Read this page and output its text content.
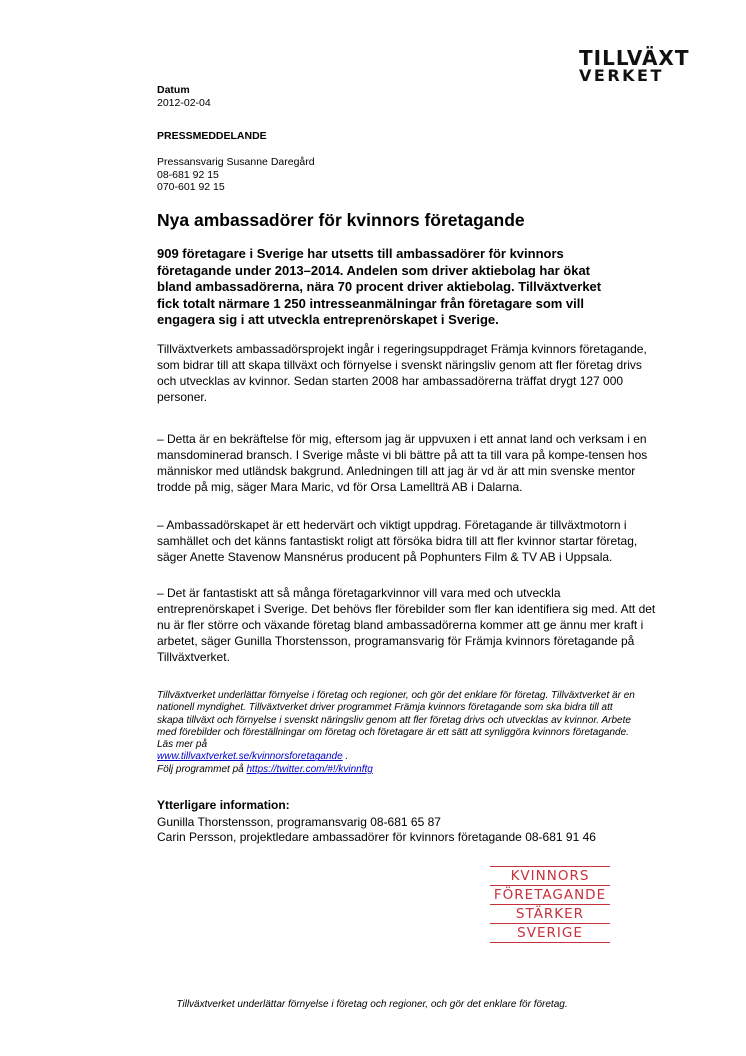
TILLVÄXT
VERKET
Datum
2012-02-04
PRESSMEDDELANDE
Pressansvarig Susanne Daregård
08-681 92 15
070-601 92 15
Nya ambassadörer för kvinnors företagande
909 företagare i Sverige har utsetts till ambassadörer för kvinnors företagande under 2013–2014. Andelen som driver aktiebolag har ökat bland ambassadörerna, nära 70 procent driver aktiebolag. Tillväxtverket fick totalt närmare 1 250 intresseanmälningar från företagare som vill engagera sig i att utveckla entreprenörskapet i Sverige.
Tillväxtverkets ambassadörsprojekt ingår i regeringsuppdraget Främja kvinnors företagande, som bidrar till att skapa tillväxt och förnyelse i svenskt näringsliv genom att fler företag drivs och utvecklas av kvinnor. Sedan starten 2008 har ambassadörerna träffat drygt 127 000 personer.
– Detta är en bekräftelse för mig, eftersom jag är uppvuxen i ett annat land och verksam i en mansdominerad bransch. I Sverige måste vi bli bättre på att ta till vara på kompe-tensen hos människor med utländsk bakgrund. Anledningen till att jag är vd är att min svenske mentor trodde på mig, säger Mara Maric, vd för Orsa Lamellträ AB i Dalarna.
– Ambassadörskapet är ett hedervärt och viktigt uppdrag. Företagande är tillväxtmotorn i samhället och det känns fantastiskt roligt att försöka bidra till att fler kvinnor startar företag, säger Anette Stavenow Mansnérus producent på Pophunters Film & TV AB i Uppsala.
– Det är fantastiskt att så många företagarkvinnor vill vara med och utveckla entreprenörskapet i Sverige. Det behövs fler förebilder som fler kan identifiera sig med. Att det nu är fler större och växande företag bland ambassadörerna kommer att ge ännu mer kraft i arbetet, säger Gunilla Thorstensson, programansvarig för Främja kvinnors företagande på Tillväxtverket.
Tillväxtverket underlättar förnyelse i företag och regioner, och gör det enklare för företag. Tillväxtverket är en nationell myndighet. Tillväxtverket driver programmet Främja kvinnors företagande som ska bidra till att skapa tillväxt och förnyelse i svenskt näringsliv genom att fler företag drivs och utvecklas av kvinnor. Arbete med förebilder och föreställningar om företag och företagare är ett sätt att synliggöra kvinnors företagande. Läs mer på
www.tillvaxtverket.se/kvinnorsforetagande .
Följ programmet på https://twitter.com/#!/kvinnftg
Ytterligare information:
Gunilla Thorstensson, programansvarig 08-681 65 87
Carin Persson, projektledare ambassadörer för kvinnors företagande 08-681 91 46
KVINNORS
FÖRETAGANDE
STÄRKER
SVERIGE
Tillväxtverket underlättar förnyelse i företag och regioner, och gör det enklare för företag.
